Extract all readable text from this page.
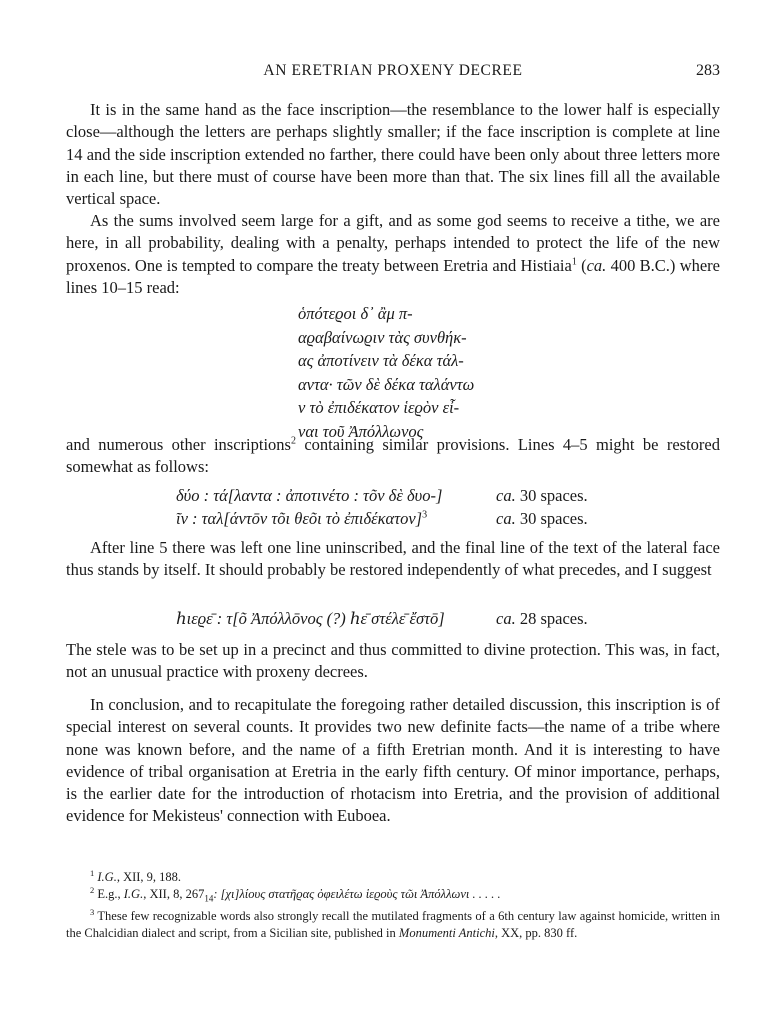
AN ERETRIAN PROXENY DECREE	283

It is in the same hand as the face inscription—the resemblance to the lower half is especially close—although the letters are perhaps slightly smaller; if the face inscription is complete at line 14 and the side inscription extended no farther, there could have been only about three letters more in each line, but there must of course have been more than that. The six lines fill all the available vertical space.

As the sums involved seem large for a gift, and as some god seems to receive a tithe, we are here, in all probability, dealing with a penalty, perhaps intended to protect the life of the new proxenos. One is tempted to compare the treaty between Eretria and Histiaia$^1$ (ca. 400 B.C.) where lines 10–15 read:

ὁπότεϱοι δ᾽ ἂμ π-
αϱαβαίνωϱιν τὰς συνθήκ-
ας ἀποτίνειν τὰ δέκα τάλ-
αντα· τῶν δὲ δέκα ταλάντω
ν τὸ ἐπιδέκατον ἱεϱὸν εἶ-
ναι τοῦ Ἀπόλλωνος

and numerous other inscriptions$^2$ containing similar provisions. Lines 4–5 might be restored somewhat as follows:

δύο : τά[λαντα : ἀποτινέτο : τõν δὲ δυο-]	ca. 30 spaces.
ῖν : ταλ[άντōν τõι θεõι τὸ ἐπιδέκατον]$^3$	ca. 30 spaces.

After line 5 there was left one line uninscribed, and the final line of the text of the lateral face thus stands by itself. It should probably be restored independently of what precedes, and I suggest

ℎιεϱε̄ : τ[õ Ἀπόλλōνος (?) ℎε̄ στέλε̄ ἔστō]	ca. 28 spaces.

The stele was to be set up in a precinct and thus committed to divine protection. This was, in fact, not an unusual practice with proxeny decrees.

In conclusion, and to recapitulate the foregoing rather detailed discussion, this inscription is of special interest on several counts. It provides two new definite facts—the name of a tribe where none was known before, and the name of a fifth Eretrian month. And it is interesting to have evidence of tribal organisation at Eretria in the early fifth century. Of minor importance, perhaps, is the earlier date for the introduction of rhotacism into Eretria, and the provision of additional evidence for Mekisteus' connection with Euboea.

$^1$ I.G., XII, 9, 188.

$^2$ E.g., I.G., XII, 8, $267_{14}$: [χι]λίους στατῆϱας ὀφειλέτω ἱεϱοὺς τῶι Ἀπόλλωνι . . . . .

$^3$ These few recognizable words also strongly recall the mutilated fragments of a 6th century law against homicide, written in the Chalcidian dialect and script, from a Sicilian site, published in Monumenti Antichi, XX, pp. 830 ff.
